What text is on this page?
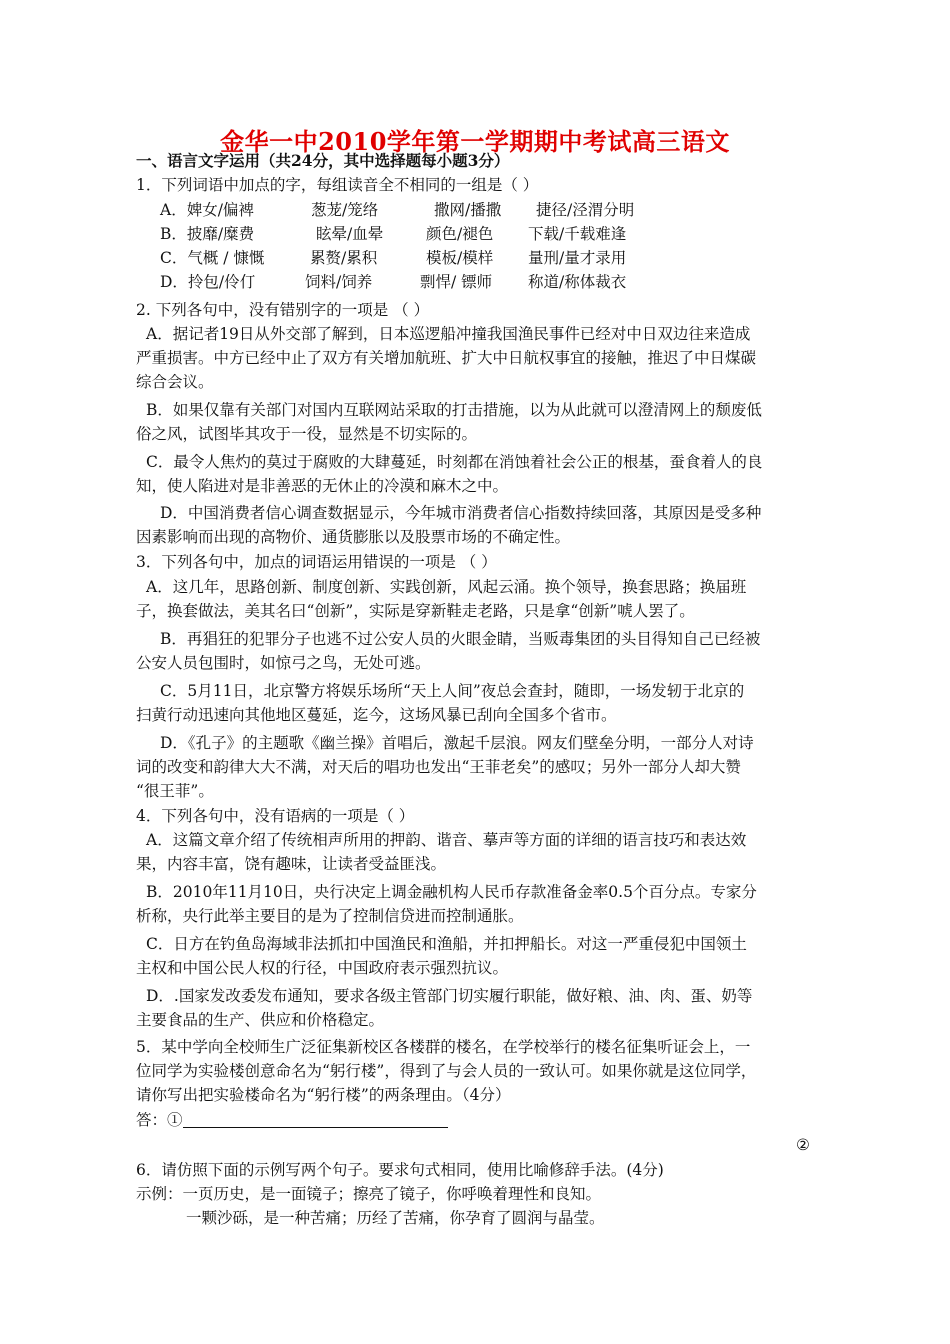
金华一中2010学年第一学期期中考试高三语文
一、语言文字运用（共24分，其中选择题每小题3分）
1．下列词语中加点的字，每组读音全不相同的一组是（ ）
A．婢女/偏裨	葱茏/笼络	撒网/播撒 捷径/泾渭分明
B．披靡/糜费	眩晕/血晕	颜色/褪色 下载/千载难逢
C．气概 / 慷慨	累赘/累积	模板/模样 量刑/量才录用
D．拎包/伶仃	饲料/饲养	剽悍/ 镖师 称道/称体裁衣
2. 下列各句中，没有错别字的一项是 （ ）
A．据记者19日从外交部了解到，日本巡逻船冲撞我国渔民事件已经对中日双边往来造成
严重损害。中方已经中止了双方有关增加航班、扩大中日航权事宜的接触，推迟了中日煤碳
综合会议。
B．如果仅靠有关部门对国内互联网站采取的打击措施，以为从此就可以澄清网上的颓废低
俗之风，试图毕其攻于一役，显然是不切实际的。
C．最令人焦灼的莫过于腐败的大肆蔓延，时刻都在消蚀着社会公正的根基，蚕食着人的良
知，使人陷进对是非善恶的无休止的冷漠和麻木之中。
D．中国消费者信心调查数据显示，今年城市消费者信心指数持续回落，其原因是受多种
因素影响而出现的高物价、通货膨胀以及股票市场的不确定性。
3．下列各句中，加点的词语运用错误的一项是 （ ）
A．这几年，思路创新、制度创新、实践创新，风起云涌。换个领导，换套思路；换届班
子，换套做法，美其名曰“创新”，实际是穿新鞋走老路，只是拿“创新”唬人罢了。
B．再猖狂的犯罪分子也逃不过公安人员的火眼金睛，当贩毒集团的头目得知自己已经被
公安人员包围时，如惊弓之鸟，无处可逃。
C．5月11日，北京警方将娱乐场所“天上人间”夜总会查封，随即，一场发轫于北京的
扫黄行动迅速向其他地区蔓延，迄今，这场风暴已刮向全国多个省市。
D．《孔子》的主题歌《幽兰操》首唱后，激起千层浪。网友们壁垒分明，一部分人对诗
词的改变和韵律大大不满，对天后的唱功也发出“王菲老矣”的感叹；另外一部分人却大赞
“很王菲”。
4．下列各句中，没有语病的一项是（ ）
A．这篇文章介绍了传统相声所用的押韵、谐音、摹声等方面的详细的语言技巧和表达效
果，内容丰富，饶有趣味，让读者受益匪浅。
B．2010年11月10日，央行决定上调金融机构人民币存款准备金率0.5个百分点。专家分
析称，央行此举主要目的是为了控制信贷进而控制通胀。
C．日方在钓鱼岛海域非法抓扣中国渔民和渔船，并扣押船长。对这一严重侵犯中国领土
主权和中国公民人权的行径，中国政府表示强烈抗议。
D．.国家发改委发布通知，要求各级主管部门切实履行职能，做好粮、油、肉、蛋、奶等
主要食品的生产、供应和价格稳定。
5．某中学向全校师生广泛征集新校区各楼群的楼名，在学校举行的楼名征集听证会上，一
位同学为实验楼创意命名为“躬行楼”，得到了与会人员的一致认可。如果你就是这位同学，
请你写出把实验楼命名为“躬行楼”的两条理由。（4分）
答：①
②
6．请仿照下面的示例写两个句子。要求句式相同，使用比喻修辞手法。(4分)
示例：一页历史，是一面镜子；擦亮了镜子，你呼唤着理性和良知。
一颗沙砾，是一种苦痛；历经了苦痛，你孕育了圆润与晶莹。
